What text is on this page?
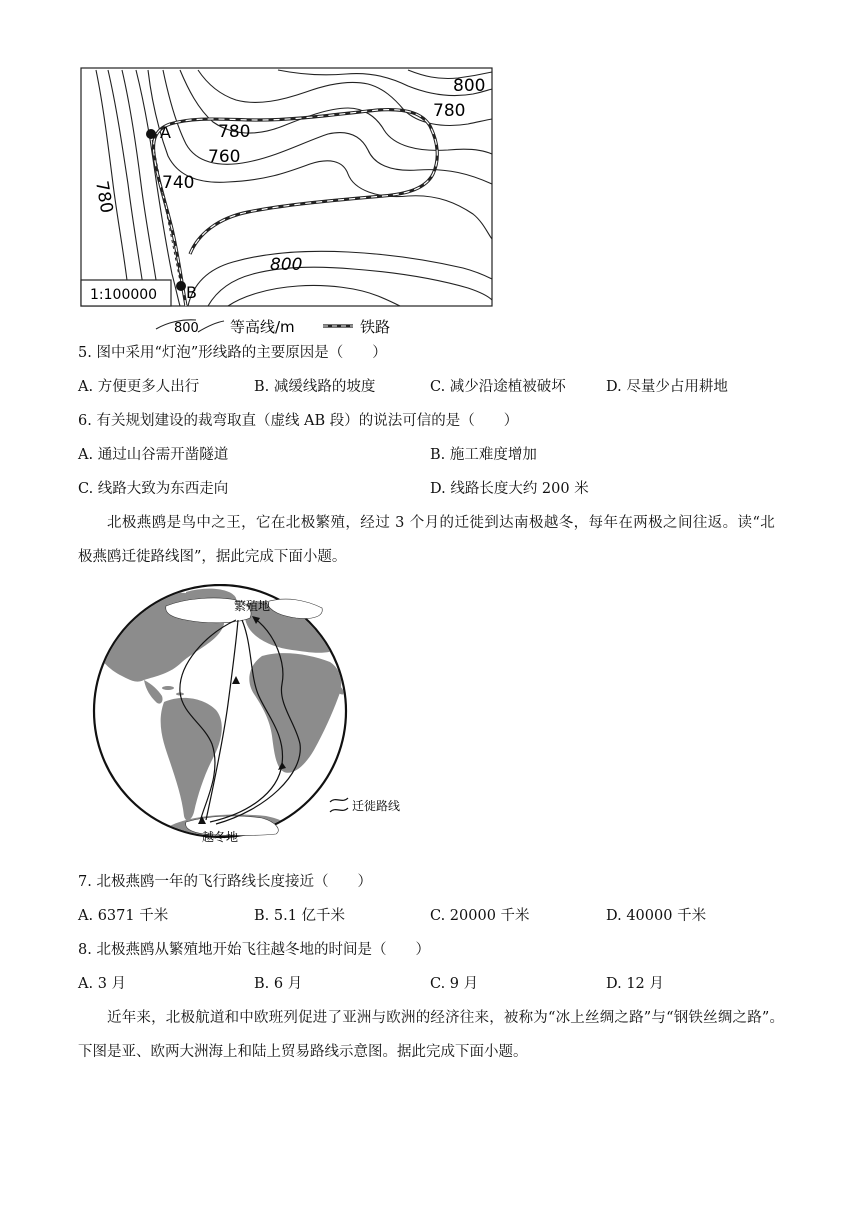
800
780
780
760
740
780
800
A
B
1:100000
800 等高线/m	铁路
5. 图中采用“灯泡”形线路的主要原因是（　　）
A. 方便更多人出行	B. 减缓线路的坡度	C. 减少沿途植被破坏	D. 尽量少占用耕地
6. 有关规划建设的裁弯取直（虚线 AB 段）的说法可信的是（　　）
A. 通过山谷需开凿隧道	B. 施工难度增加
C. 线路大致为东西走向	D. 线路长度大约 200 米
北极燕鸥是鸟中之王，它在北极繁殖，经过 3 个月的迁徙到达南极越冬，每年在两极之间往返。读“北
极燕鸥迁徙路线图”，据此完成下面小题。
繁殖地
越冬地
迁徙路线
7. 北极燕鸥一年的飞行路线长度接近（　　）
A. 6371 千米	B. 5.1 亿千米	C. 20000 千米	D. 40000 千米
8. 北极燕鸥从繁殖地开始飞往越冬地的时间是（　　）
A. 3 月	B. 6 月	C. 9 月	D. 12 月
近年来，北极航道和中欧班列促进了亚洲与欧洲的经济往来，被称为“冰上丝绸之路”与“钢铁丝绸之路”。
下图是亚、欧两大洲海上和陆上贸易路线示意图。据此完成下面小题。
